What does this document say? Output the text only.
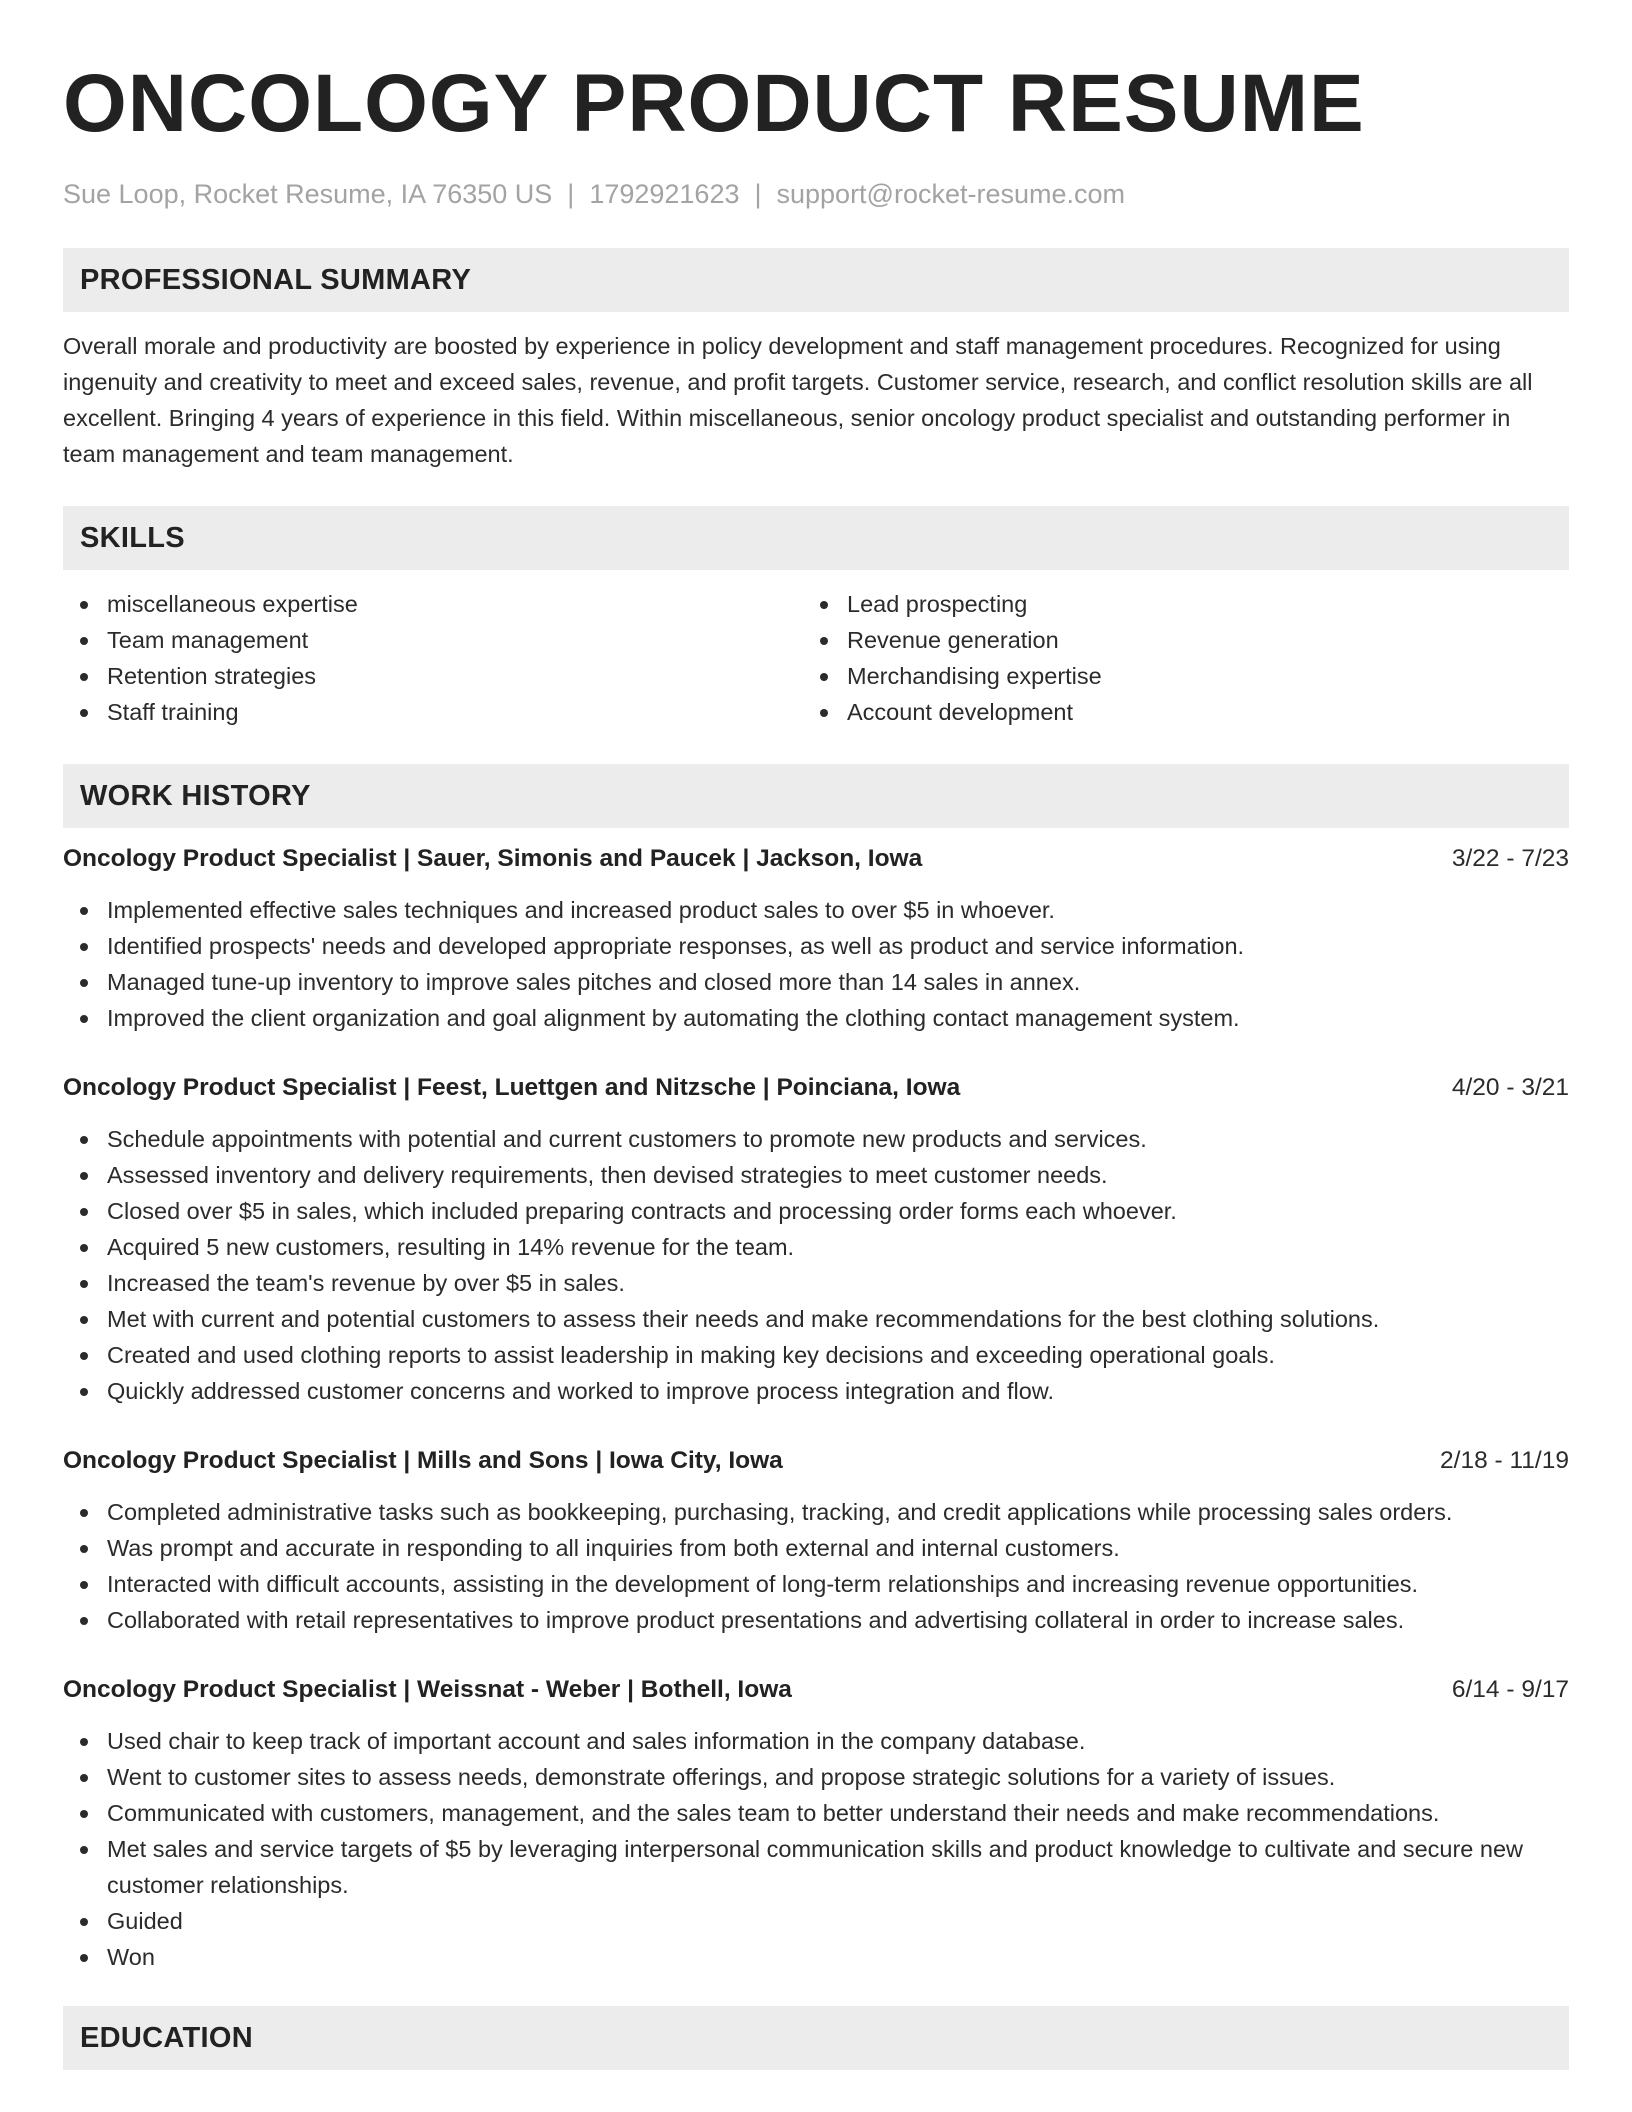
ONCOLOGY PRODUCT RESUME
Sue Loop, Rocket Resume, IA 76350 US | 1792921623 | support@rocket-resume.com
PROFESSIONAL SUMMARY

Overall morale and productivity are boosted by experience in policy development and staff management procedures. Recognized for using ingenuity and creativity to meet and exceed sales, revenue, and profit targets. Customer service, research, and conflict resolution skills are all excellent. Bringing 4 years of experience in this field. Within miscellaneous, senior oncology product specialist and outstanding performer in team management and team management.

SKILLS
miscellaneous expertise
Team management
Retention strategies
Staff training
Lead prospecting
Revenue generation
Merchandising expertise
Account development
WORK HISTORY
Oncology Product Specialist | Sauer, Simonis and Paucek | Jackson, Iowa	3/22 - 7/23
Implemented effective sales techniques and increased product sales to over $5 in whoever.
Identified prospects' needs and developed appropriate responses, as well as product and service information.
Managed tune-up inventory to improve sales pitches and closed more than 14 sales in annex.
Improved the client organization and goal alignment by automating the clothing contact management system.
Oncology Product Specialist | Feest, Luettgen and Nitzsche | Poinciana, Iowa	4/20 - 3/21
Schedule appointments with potential and current customers to promote new products and services.
Assessed inventory and delivery requirements, then devised strategies to meet customer needs.
Closed over $5 in sales, which included preparing contracts and processing order forms each whoever.
Acquired 5 new customers, resulting in 14% revenue for the team.
Increased the team's revenue by over $5 in sales.
Met with current and potential customers to assess their needs and make recommendations for the best clothing solutions.
Created and used clothing reports to assist leadership in making key decisions and exceeding operational goals.
Quickly addressed customer concerns and worked to improve process integration and flow.
Oncology Product Specialist | Mills and Sons | Iowa City, Iowa	2/18 - 11/19
Completed administrative tasks such as bookkeeping, purchasing, tracking, and credit applications while processing sales orders.
Was prompt and accurate in responding to all inquiries from both external and internal customers.
Interacted with difficult accounts, assisting in the development of long-term relationships and increasing revenue opportunities.
Collaborated with retail representatives to improve product presentations and advertising collateral in order to increase sales.
Oncology Product Specialist | Weissnat - Weber | Bothell, Iowa	6/14 - 9/17
Used chair to keep track of important account and sales information in the company database.
Went to customer sites to assess needs, demonstrate offerings, and propose strategic solutions for a variety of issues.
Communicated with customers, management, and the sales team to better understand their needs and make recommendations.
Met sales and service targets of $5 by leveraging interpersonal communication skills and product knowledge to cultivate and secure new customer relationships.
Guided
Won
EDUCATION
